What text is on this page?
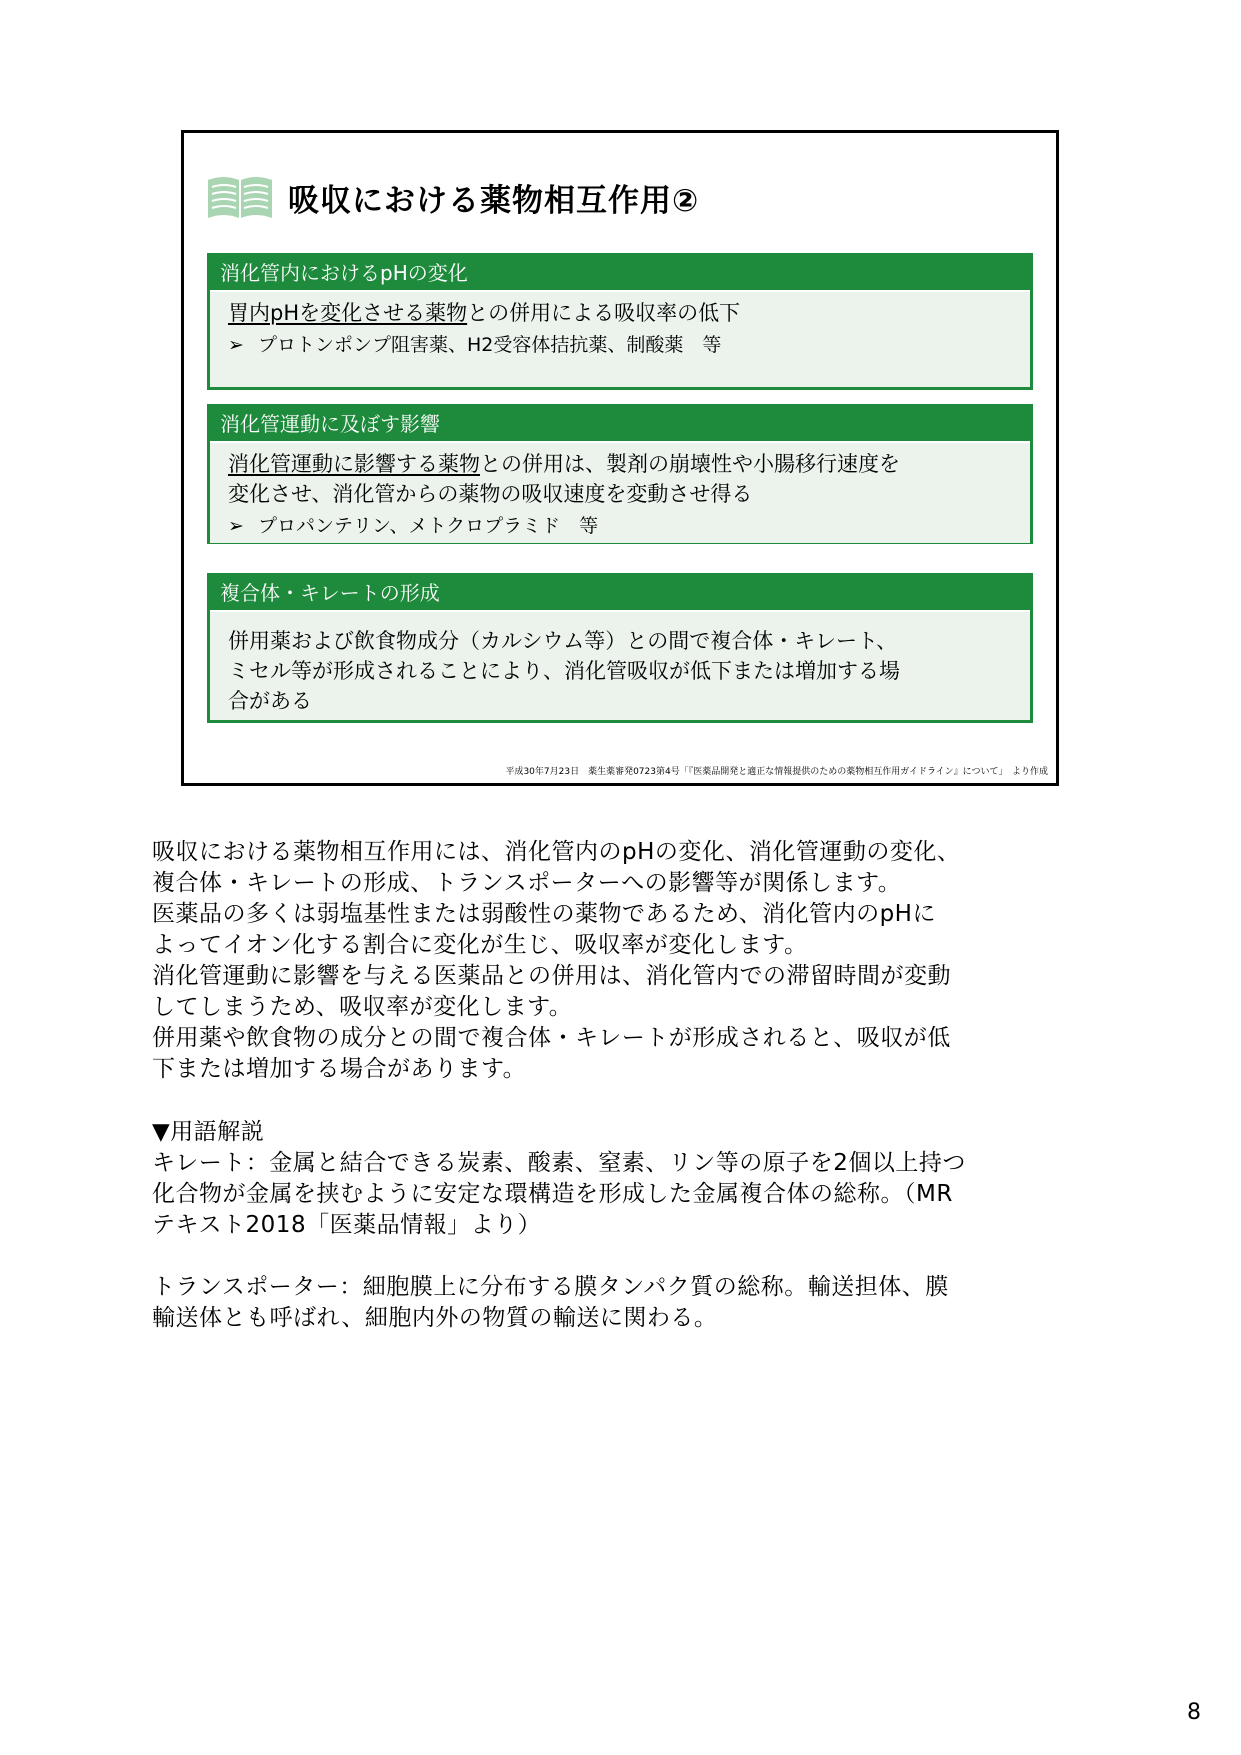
吸収における薬物相互作用②
消化管内におけるpHの変化
胃内pHを変化させる薬物との併用による吸収率の低下
➢ プロトンポンプ阻害薬、H2受容体拮抗薬、制酸薬　等
消化管運動に及ぼす影響
消化管運動に影響する薬物との併用は、製剤の崩壊性や小腸移行速度を
変化させ、消化管からの薬物の吸収速度を変動させ得る
➢ プロパンテリン、メトクロプラミド　等
複合体・キレートの形成
併用薬および飲食物成分（カルシウム等）との間で複合体・キレート、
ミセル等が形成されることにより、消化管吸収が低下または増加する場
合がある
平成30年7月23日　薬生薬審発0723第4号「『医薬品開発と適正な情報提供のための薬物相互作用ガイドライン』について」　より作成
吸収における薬物相互作用には、消化管内のpHの変化、消化管運動の変化、
複合体・キレートの形成、トランスポーターへの影響等が関係します。
医薬品の多くは弱塩基性または弱酸性の薬物であるため、消化管内のpHに
よってイオン化する割合に変化が生じ、吸収率が変化します。
消化管運動に影響を与える医薬品との併用は、消化管内での滞留時間が変動
してしまうため、吸収率が変化します。
併用薬や飲食物の成分との間で複合体・キレートが形成されると、吸収が低
下または増加する場合があります。
▼用語解説
キレート：金属と結合できる炭素、酸素、窒素、リン等の原子を2個以上持つ
化合物が金属を挟むように安定な環構造を形成した金属複合体の総称。（MR
テキスト2018「医薬品情報」より）
トランスポーター：細胞膜上に分布する膜タンパク質の総称。輸送担体、膜
輸送体とも呼ばれ、細胞内外の物質の輸送に関わる。
8
